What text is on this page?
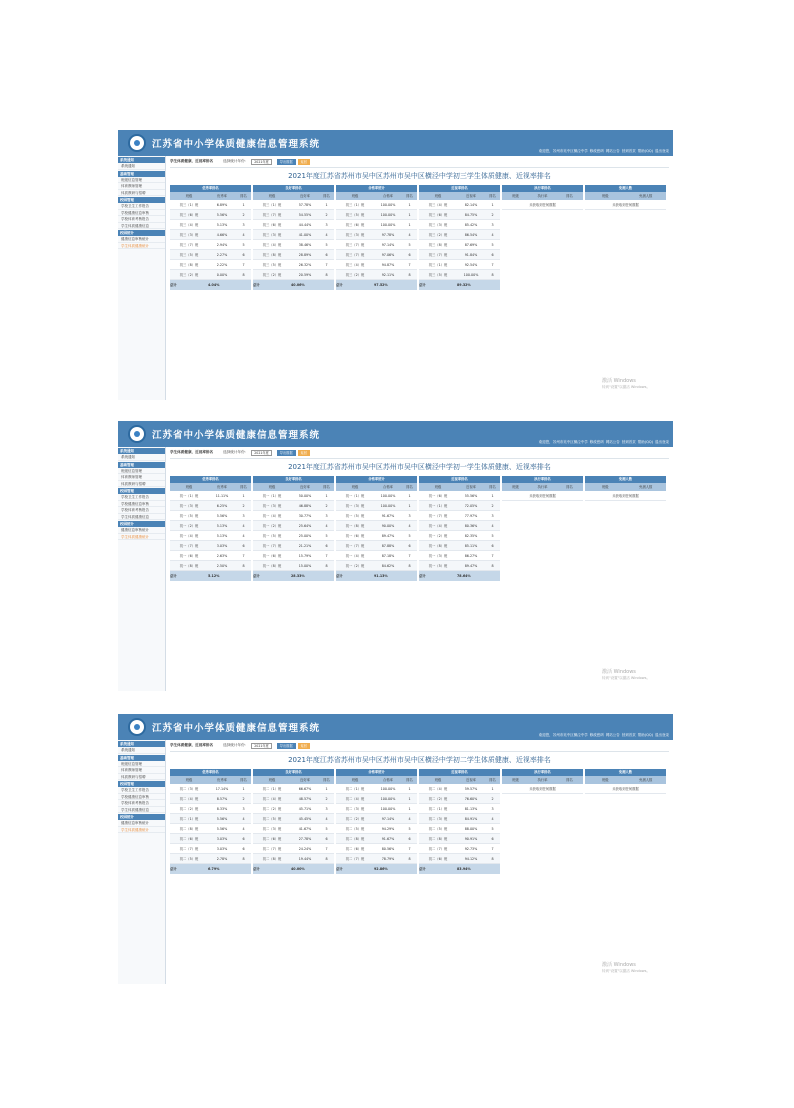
江苏省中小学体质健康信息管理系统
欢迎您，苏州市吴中区横泾中学 修改密码 网站公告 回到首页 帮助(QQ) 退出登录
系统通知
系统通知
基础管理
班级信息管理
体育教师管理
体质教研与招聘
校园管理
学校卫生工作报告
学校健康信息审核
学校体育考核报告
学生体质健康信息
校园统计
健康信息审核统计
学生体质健康统计
学生体质健康、近视率排名	选择统计年份：	2021年度	导出数据	返回
2021年度江苏省苏州市吴中区苏州市吴中区横泾中学初三学生体质健康、近视率排名
优秀率排名
班级	优秀率	排名
初三（1）班	6.89%	1
初三（6）班	5.56%	2
初三（4）班	5.13%	3
初三（3）班	4.66%	4
初三（7）班	2.94%	5
初三（5）班	2.27%	6
初三（8）班	2.22%	7
初三（2）班	0.00%	8
总计	4.04%
良好率排名
班级	良好率	排名
初三（1）班	57.78%	1
初三（7）班	54.55%	2
初三（6）班	44.44%	3
初三（3）班	41.00%	4
初三（4）班	38.46%	5
初三（8）班	28.89%	6
初三（5）班	26.32%	7
初三（2）班	20.59%	8
总计	40.06%
合格率统计
班级	合格率	排名
初三（1）班	100.00%	1
初三（5）班	100.00%	1
初三（6）班	100.00%	1
初三（3）班	97.78%	4
初三（7）班	97.14%	5
初三（7）班	97.06%	6
初三（4）班	94.87%	7
初三（2）班	92.11%	8
总计	97.52%
近视率排名
班级	近视率	排名
初三（4）班	82.14%	1
初三（6）班	84.75%	2
初三（3）班	85.42%	3
初三（2）班	86.54%	4
初三（8）班	87.69%	5
初三（7）班	91.84%	6
初三（1）班	92.54%	7
初三（5）班	100.00%	8
总计	89.32%
执行率排名
班级	执行率	排名
未获取到任何数据
免测人数
班级	免测人数
未获取到任何数据
激活 Windows
转到"设置"以激活 Windows。
江苏省中小学体质健康信息管理系统
欢迎您，苏州市吴中区横泾中学 修改密码 网站公告 回到首页 帮助(QQ) 退出登录
系统通知
系统通知
基础管理
班级信息管理
体育教师管理
体质教研与招聘
校园管理
学校卫生工作报告
学校健康信息审核
学校体育考核报告
学生体质健康信息
校园统计
健康信息审核统计
学生体质健康统计
学生体质健康、近视率排名	选择统计年份：	2021年度	导出数据	返回
2021年度江苏省苏州市吴中区苏州市吴中区横泾中学初一学生体质健康、近视率排名
优秀率排名
班级	优秀率	排名
初一（1）班	11.11%	1
初一（3）班	6.25%	2
初一（5）班	5.56%	3
初一（2）班	5.13%	4
初一（4）班	5.13%	4
初一（7）班	3.03%	6
初一（6）班	2.63%	7
初一（8）班	2.50%	8
总计	5.12%
良好率排名
班级	良好率	排名
初一（1）班	50.00%	1
初一（3）班	46.88%	2
初一（4）班	30.77%	3
初一（2）班	25.64%	4
初一（5）班	25.00%	5
初一（7）班	21.21%	6
初一（6）班	15.79%	7
初一（8）班	15.00%	8
总计	28.33%
合格率统计
班级	合格率	排名
初一（1）班	100.00%	1
初一（3）班	100.00%	1
初一（5）班	91.67%	3
初一（8）班	90.00%	4
初一（6）班	89.47%	5
初一（7）班	87.88%	6
初一（4）班	87.18%	7
初一（2）班	84.62%	8
总计	91.13%
近视率排名
班级	近视率	排名
初一（6）班	55.56%	1
初一（1）班	72.05%	2
初一（7）班	77.97%	3
初一（4）班	80.36%	4
初一（2）班	82.35%	5
初一（8）班	85.11%	6
初一（3）班	86.27%	7
初一（5）班	89.47%	8
总计	78.64%
执行率排名
班级	执行率	排名
未获取到任何数据
免测人数
班级	免测人数
未获取到任何数据
激活 Windows
转到"设置"以激活 Windows。
江苏省中小学体质健康信息管理系统
欢迎您，苏州市吴中区横泾中学 修改密码 网站公告 回到首页 帮助(QQ) 退出登录
系统通知
系统通知
基础管理
班级信息管理
体育教师管理
体质教研与招聘
校园管理
学校卫生工作报告
学校健康信息审核
学校体育考核报告
学生体质健康信息
校园统计
健康信息审核统计
学生体质健康统计
学生体质健康、近视率排名	选择统计年份：	2021年度	导出数据	返回
2021年度江苏省苏州市吴中区苏州市吴中区横泾中学初二学生体质健康、近视率排名
优秀率排名
班级	优秀率	排名
初二（3）班	17.14%	1
初二（4）班	8.57%	2
初二（2）班	8.33%	3
初二（1）班	5.56%	4
初二（8）班	5.56%	4
初二（6）班	3.03%	6
初二（7）班	3.03%	6
初二（5）班	2.78%	8
总计	6.79%
良好率排名
班级	良好率	排名
初二（1）班	66.67%	1
初二（4）班	48.57%	2
初二（2）班	45.71%	3
初二（5）班	45.45%	4
初二（3）班	41.67%	5
初二（6）班	27.78%	6
初二（7）班	24.24%	7
初二（8）班	19.44%	8
总计	40.00%
合格率统计
班级	合格率	排名
初二（1）班	100.00%	1
初二（4）班	100.00%	1
初二（3）班	100.00%	1
初二（2）班	97.14%	4
初二（5）班	94.29%	5
初二（8）班	91.67%	6
初二（6）班	80.56%	7
初二（7）班	78.79%	8
总计	92.86%
近视率排名
班级	近视率	排名
初二（4）班	59.57%	1
初二（2）班	76.60%	2
初二（1）班	81.13%	3
初二（3）班	84.91%	4
初二（5）班	88.00%	5
初二（8）班	90.91%	6
初二（7）班	92.73%	7
初二（6）班	94.12%	8
总计	83.94%
执行率排名
班级	执行率	排名
未获取到任何数据
免测人数
班级	免测人数
未获取到任何数据
激活 Windows
转到"设置"以激活 Windows。
